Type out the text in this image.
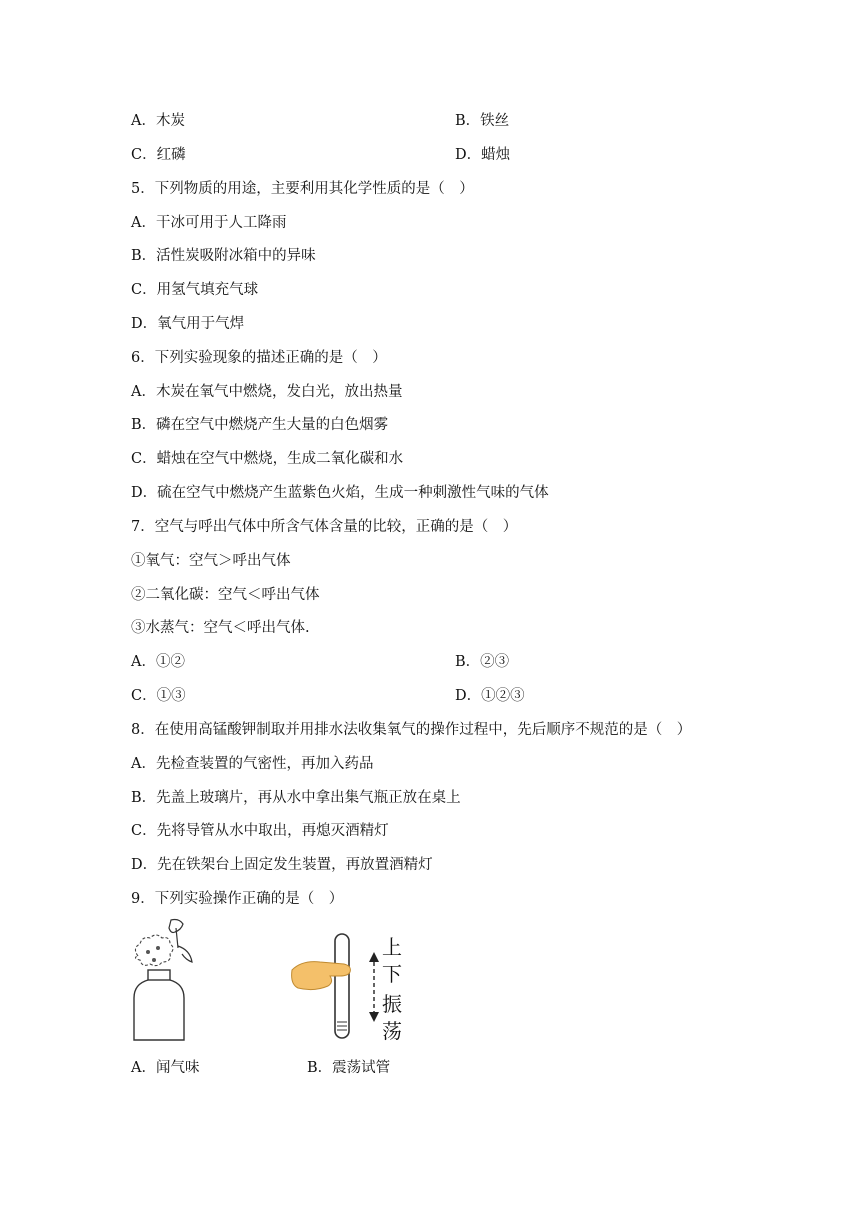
A．木炭	B．铁丝
C．红磷	D．蜡烛
5．下列物质的用途，主要利用其化学性质的是（　）
A．干冰可用于人工降雨
B．活性炭吸附冰箱中的异味
C．用氢气填充气球
D．氧气用于气焊
6．下列实验现象的描述正确的是（　）
A．木炭在氧气中燃烧，发白光，放出热量
B．磷在空气中燃烧产生大量的白色烟雾
C．蜡烛在空气中燃烧，生成二氧化碳和水
D．硫在空气中燃烧产生蓝紫色火焰，生成一种刺激性气味的气体
7．空气与呼出气体中所含气体含量的比较，正确的是（　）
①氧气：空气＞呼出气体
②二氧化碳：空气＜呼出气体
③水蒸气：空气＜呼出气体.
A．①②	B．②③
C．①③	D．①②③
8．在使用高锰酸钾制取并用排水法收集氧气的操作过程中，先后顺序不规范的是（　）
A．先检查装置的气密性，再加入药品
B．先盖上玻璃片，再从水中拿出集气瓶正放在桌上
C．先将导管从水中取出，再熄灭酒精灯
D．先在铁架台上固定发生装置，再放置酒精灯
9．下列实验操作正确的是（　）
上
下
振
荡
A．闻气味	B．震荡试管
